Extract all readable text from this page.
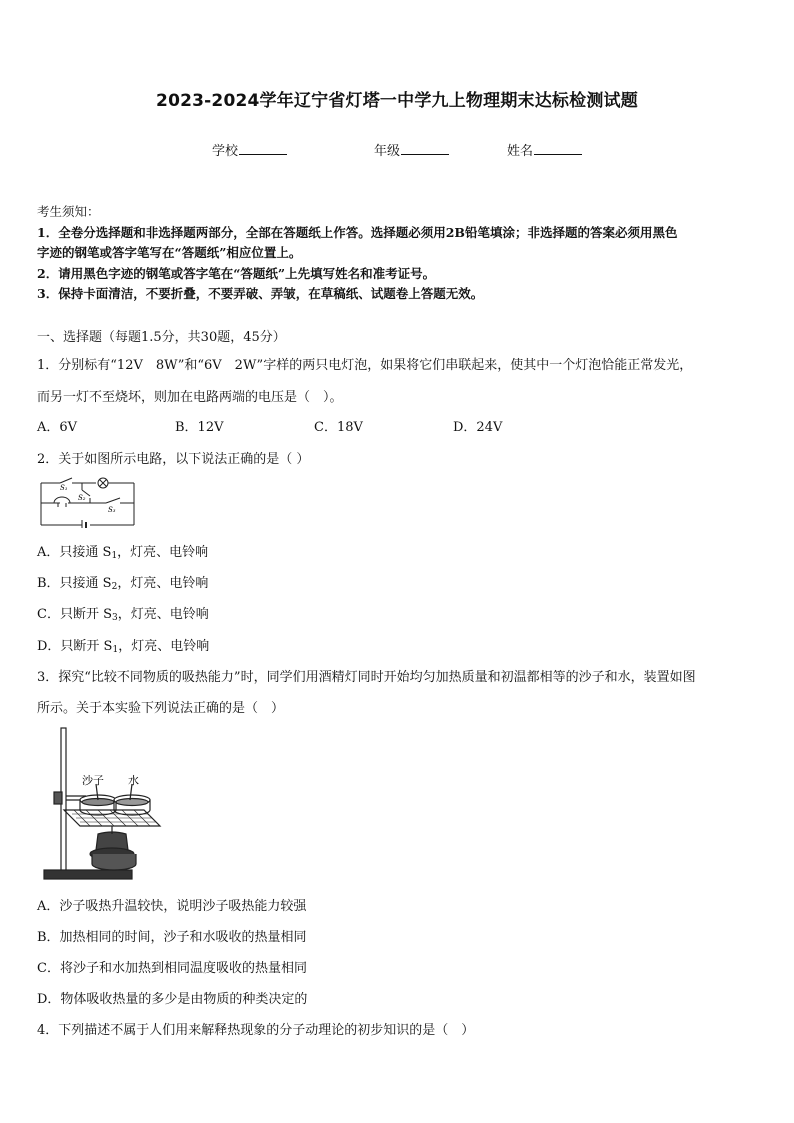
2023-2024学年辽宁省灯塔一中学九上物理期末达标检测试题
学校	年级	姓名
考生须知：
1．全卷分选择题和非选择题两部分，全部在答题纸上作答。选择题必须用2B铅笔填涂；非选择题的答案必须用黑色
字迹的钢笔或答字笔写在“答题纸”相应位置上。
2．请用黑色字迹的钢笔或答字笔在“答题纸”上先填写姓名和准考证号。
3．保持卡面清洁，不要折叠，不要弄破、弄皱，在草稿纸、试题卷上答题无效。
一、选择题（每题1.5分，共30题，45分）
1．分别标有“12V　8W”和“6V　2W”字样的两只电灯泡，如果将它们串联起来，使其中一个灯泡恰能正常发光，
而另一灯不至烧坏，则加在电路两端的电压是（　）。
A．6V	B．12V	C．18V	D．24V
2．关于如图所示电路，以下说法正确的是（ ）
S₁
S₂
S₃
A．只接通 $S_1$，灯亮、电铃响
B．只接通 $S_2$，灯亮、电铃响
C．只断开 $S_3$，灯亮、电铃响
D．只断开 $S_1$，灯亮、电铃响
3．探究“比较不同物质的吸热能力”时，同学们用酒精灯同时开始均匀加热质量和初温都相等的沙子和水，装置如图
所示。关于本实验下列说法正确的是（　）
沙子 水
A．沙子吸热升温较快，说明沙子吸热能力较强
B．加热相同的时间，沙子和水吸收的热量相同
C．将沙子和水加热到相同温度吸收的热量相同
D．物体吸收热量的多少是由物质的种类决定的
4．下列描述不属于人们用来解释热现象的分子动理论的初步知识的是（　）
